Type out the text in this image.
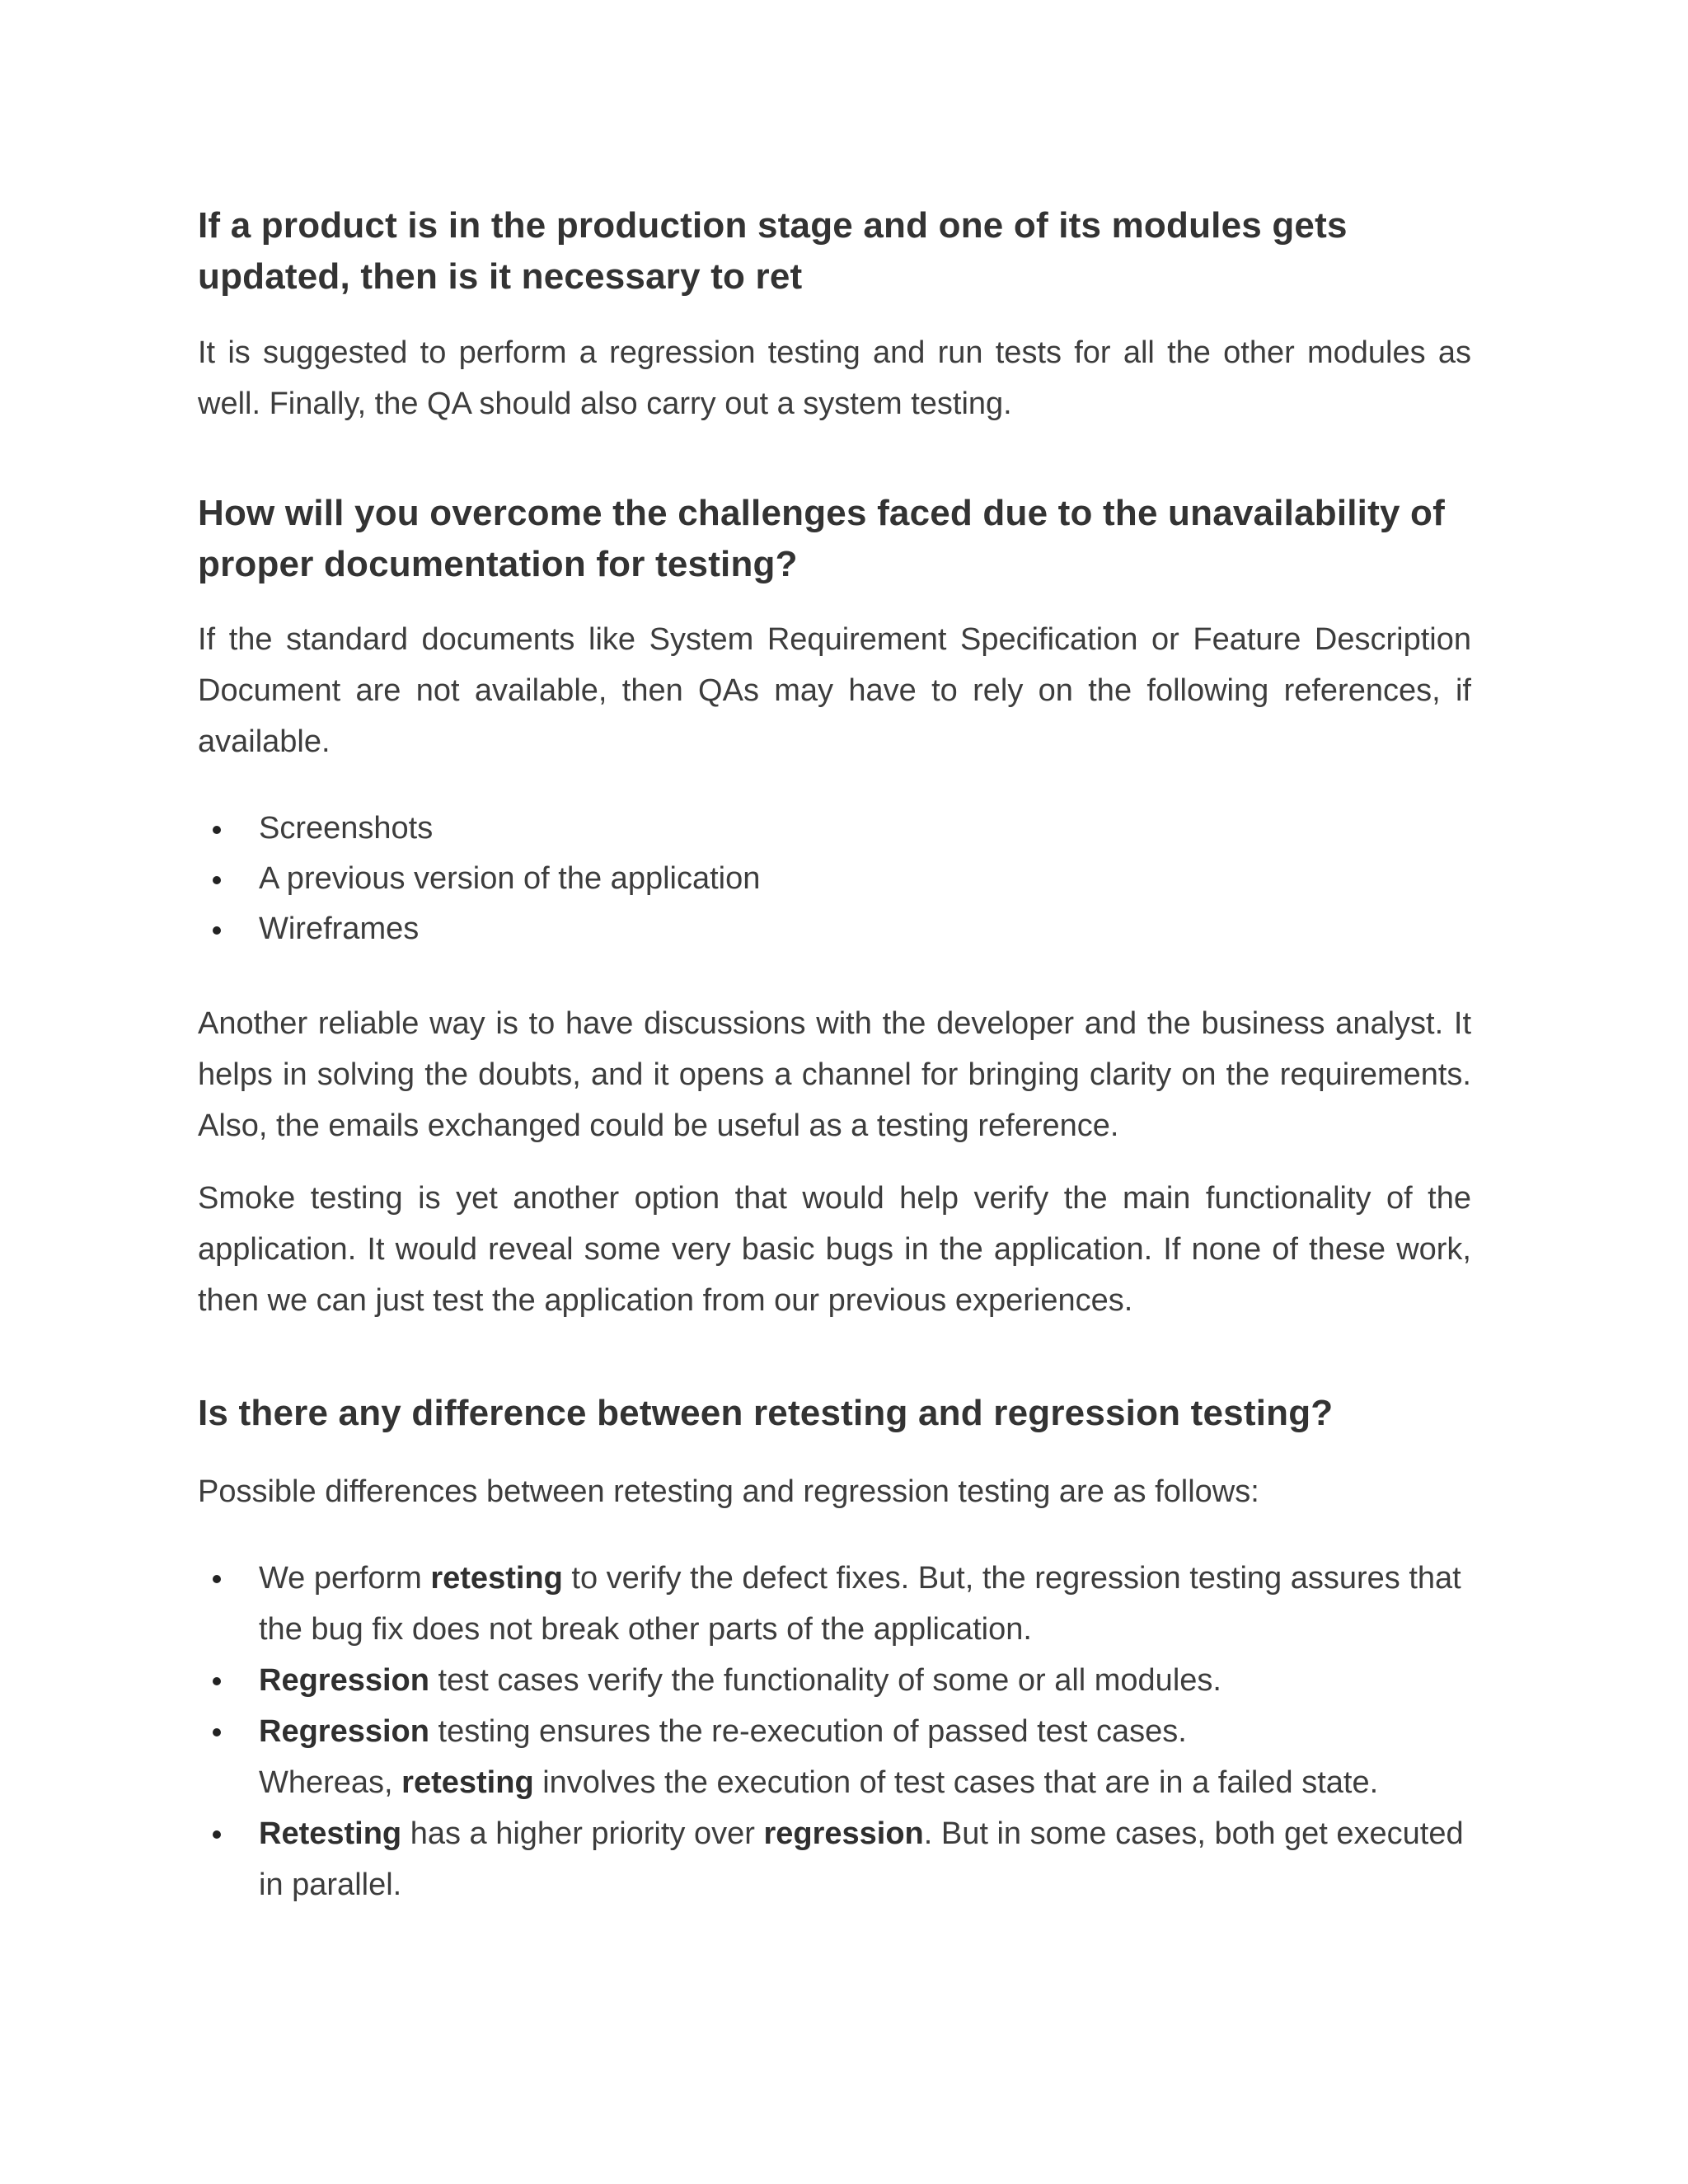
If a product is in the production stage and one of its modules gets updated, then is it necessary to ret

It is suggested to perform a regression testing and run tests for all the other modules as well. Finally, the QA should also carry out a system testing.

How will you overcome the challenges faced due to the unavailability of proper documentation for testing?

If the standard documents like System Requirement Specification or Feature Description Document are not available, then QAs may have to rely on the following references, if available.

Screenshots
A previous version of the application
Wireframes

Another reliable way is to have discussions with the developer and the business analyst. It helps in solving the doubts, and it opens a channel for bringing clarity on the requirements. Also, the emails exchanged could be useful as a testing reference.

Smoke testing is yet another option that would help verify the main functionality of the application. It would reveal some very basic bugs in the application. If none of these work, then we can just test the application from our previous experiences.

Is there any difference between retesting and regression testing?

Possible differences between retesting and regression testing are as follows:

We perform retesting to verify the defect fixes. But, the regression testing assures that the bug fix does not break other parts of the application.
Regression test cases verify the functionality of some or all modules.
Regression testing ensures the re-execution of passed test cases.
Whereas, retesting involves the execution of test cases that are in a failed state.
Retesting has a higher priority over regression. But in some cases, both get executed in parallel.
